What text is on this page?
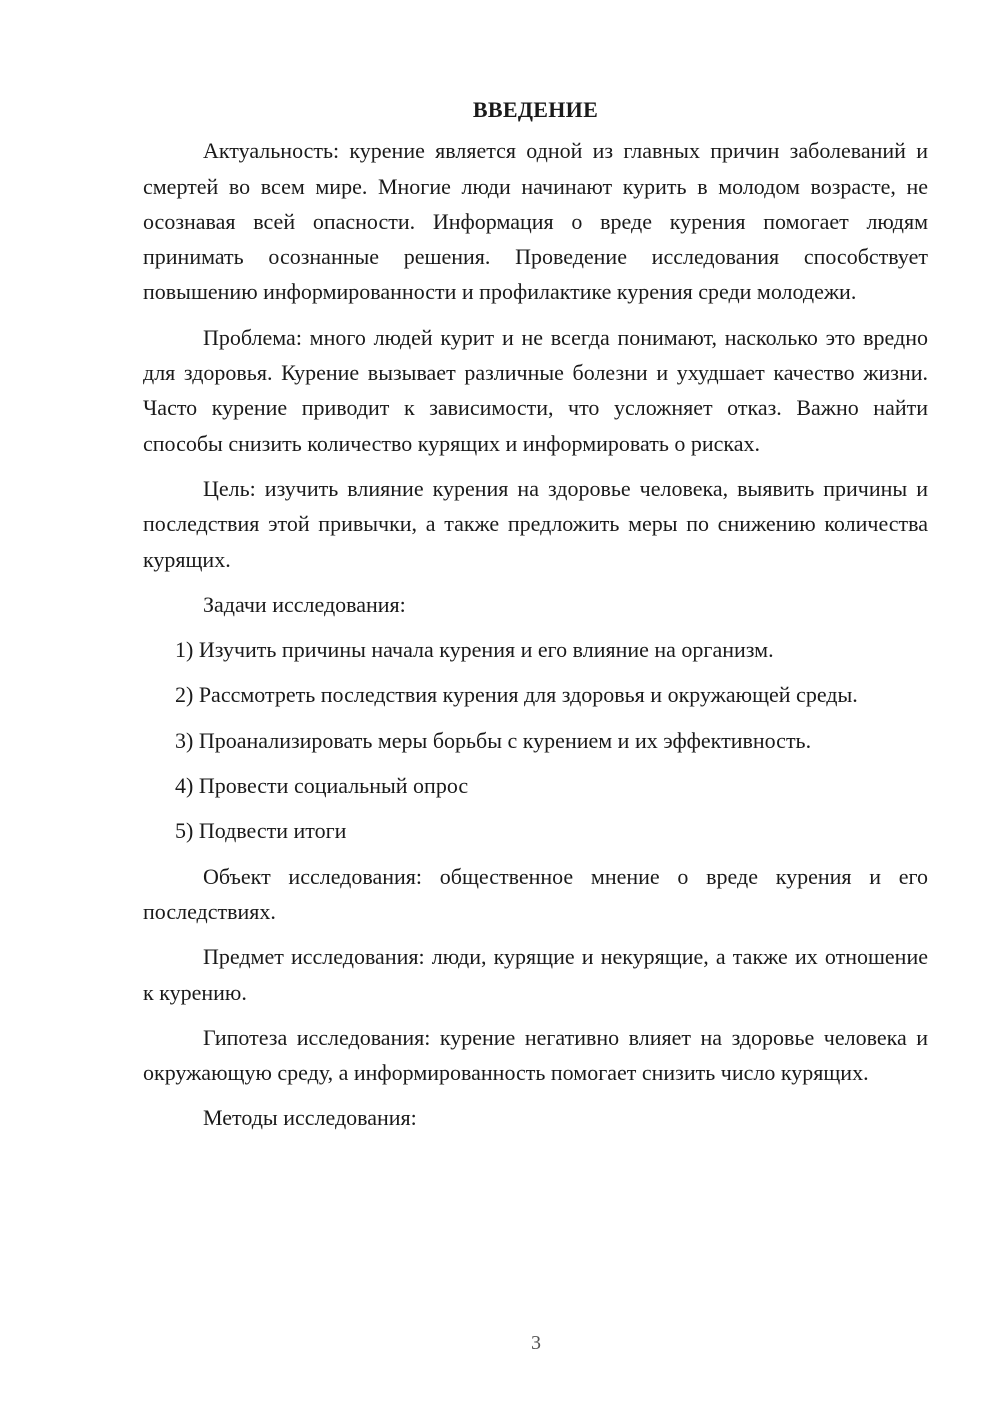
ВВЕДЕНИЕ

Актуальность: курение является одной из главных причин заболеваний и смертей во всем мире. Многие люди начинают курить в молодом возрасте, не осознавая всей опасности. Информация о вреде курения помогает людям принимать осознанные решения. Проведение исследования способствует повышению информированности и профилактике курения среди молодежи.

Проблема: много людей курит и не всегда понимают, насколько это вредно для здоровья. Курение вызывает различные болезни и ухудшает качество жизни. Часто курение приводит к зависимости, что усложняет отказ. Важно найти способы снизить количество курящих и информировать о рисках.

Цель: изучить влияние курения на здоровье человека, выявить причины и последствия этой привычки, а также предложить меры по снижению количества курящих.

Задачи исследования:

1) Изучить причины начала курения и его влияние на организм.

2) Рассмотреть последствия курения для здоровья и окружающей среды.

3) Проанализировать меры борьбы с курением и их эффективность.

4) Провести социальный опрос

5) Подвести итоги

Объект исследования: общественное мнение о вреде курения и его последствиях.

Предмет исследования: люди, курящие и некурящие, а также их отношение к курению.

Гипотеза исследования: курение негативно влияет на здоровье человека и окружающую среду, а информированность помогает снизить число курящих.

Методы исследования:

3
